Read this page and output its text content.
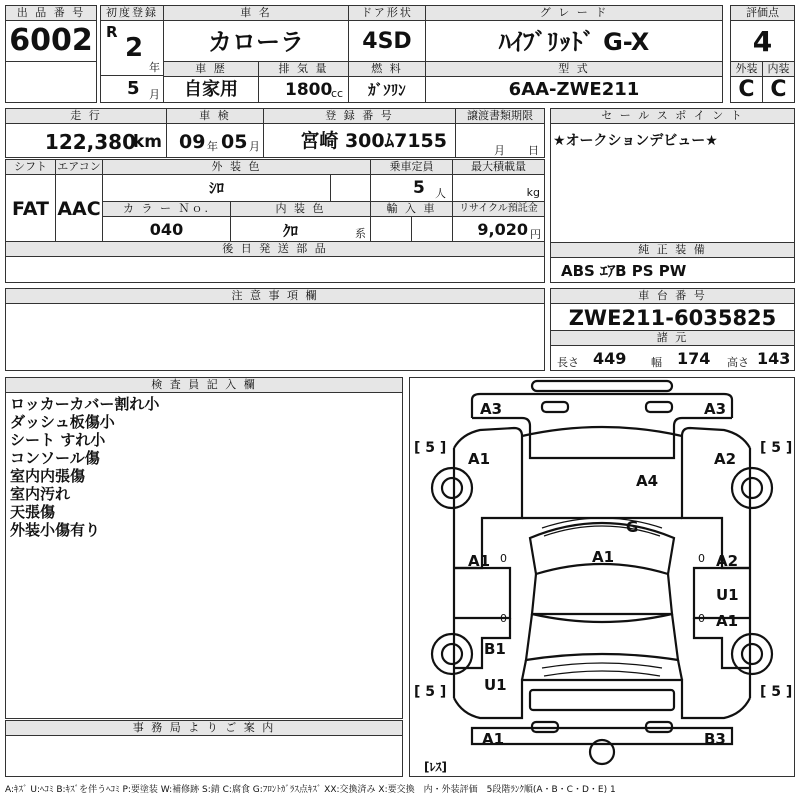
出 品 番 号
6002
初度登録
R
2
年
5 月
車 名
カローラ
車 歴
自家用
排 気 量
1800
cc
ドア形状
4SD
燃 料
ｶﾞｿﾘﾝ
グ レ ー ド
ﾊｲﾌﾞﾘｯﾄﾞ G-X
型 式
6AA-ZWE211
評価点
4
外装 内装
C C
走 行
122,380
km
車 検
09 年 05 月
登 録 番 号
宮崎 300ﾑ7155
譲渡書類期限
月 日
セ ー ル ス ポ イ ン ト
★オークションデビュー★
シフト
FAT
エアコン
AAC
外 装 色
ｼﾛ
乗車定員
5 人
最大積載量
kg
カ ラ ー Ｎｏ.
040
内 装 色
ｸﾛ	系
輸 入 車	リサイクル預託金
9,020 円
後 日 発 送 部 品	純 正 装 備
ABS ｴｱB PS PW
注 意 事 項 欄	車 台 番 号
ZWE211-6035825
諸 元
長さ 449 幅 174 高さ 143
検 査 員 記 入 欄

ロッカーカバー割れ小

ダッシュ板傷小

シート すれ小

コンソール傷

室内内張傷

室内汚れ

天張傷

外装小傷有り

事 務 局 よ り ご 案 内
A3	A3
A1	A2
A4
G
A1
A1	A2
U1
A1
B1
U1
A1	B3
[ 5 ]	[ 5 ]
[ 5 ]	[ 5 ]
[ﾚｽ]
0	0
0	0
A:ｷｽﾞ U:ﾍｺﾐ B:ｷｽﾞを伴うﾍｺﾐ P:要塗装 W:補修跡 S:錆 C:腐食 G:ﾌﾛﾝﾄｶﾞﾗｽ点ｷｽﾞ XX:交換済み X:要交換　内・外装評価　5段階ﾗﾝｸ順(A・B・C・D・E) 1
